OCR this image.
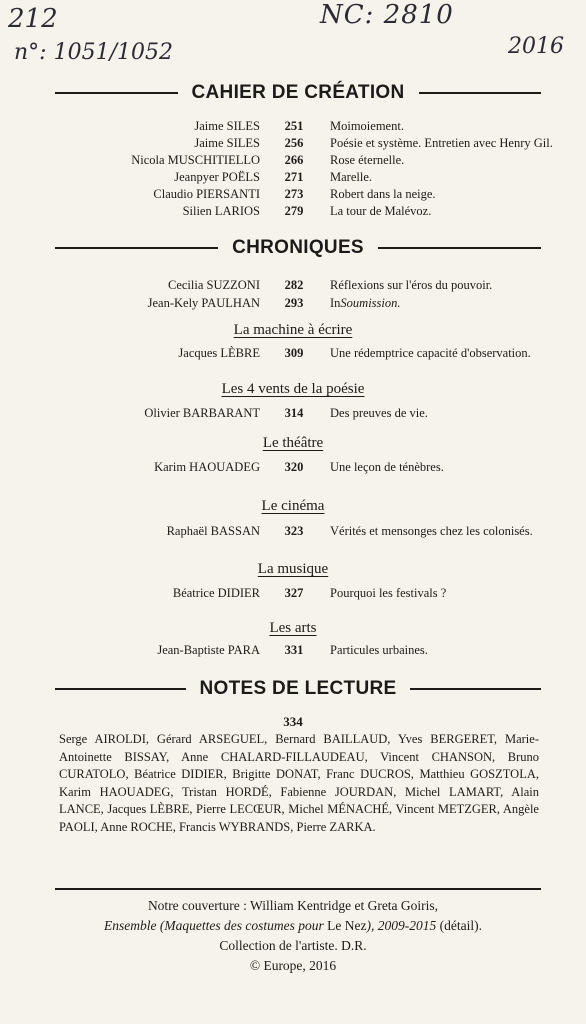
212
n°: 1051/1052
NC: 2810
2016
CAHIER DE CRÉATION
Jaime SILES	251	Moimoiement.
Jaime SILES	256	Poésie et système. Entretien avec Henry Gil.
Nicola MUSCHITIELLO	266	Rose éternelle.
Jeanpyer POËLS	271	Marelle.
Claudio PIERSANTI	273	Robert dans la neige.
Silien LARIOS	279	La tour de Malévoz.
CHRONIQUES
Cecilia SUZZONI	282	Réflexions sur l'éros du pouvoir.
Jean-Kely PAULHAN	293	InSoumission.
La machine à écrire
Jacques LÈBRE	309	Une rédemptrice capacité d'observation.
Les 4 vents de la poésie
Olivier BARBARANT	314	Des preuves de vie.
Le théâtre
Karim HAOUADEG	320	Une leçon de ténèbres.
Le cinéma
Raphaël BASSAN	323	Vérités et mensonges chez les colonisés.
La musique
Béatrice DIDIER	327	Pourquoi les festivals ?
Les arts
Jean-Baptiste PARA	331	Particules urbaines.
NOTES DE LECTURE
334
Serge AIROLDI, Gérard ARSEGUEL, Bernard BAILLAUD, Yves BERGERET, Marie-Antoinette BISSAY, Anne CHALARD-FILLAUDEAU, Vincent CHANSON, Bruno CURATOLO, Béatrice DIDIER, Brigitte DONAT, Franc DUCROS, Matthieu GOSZTOLA, Karim HAOUADEG, Tristan HORDÉ, Fabienne JOURDAN, Michel LAMART, Alain LANCE, Jacques LÈBRE, Pierre LECŒUR, Michel MÉNACHÉ, Vincent METZGER, Angèle PAOLI, Anne ROCHE, Francis WYBRANDS, Pierre ZARKA.
Notre couverture : William Kentridge et Greta Goiris,
Ensemble (Maquettes des costumes pour Le Nez), 2009-2015 (détail).
Collection de l'artiste. D.R.
© Europe, 2016
